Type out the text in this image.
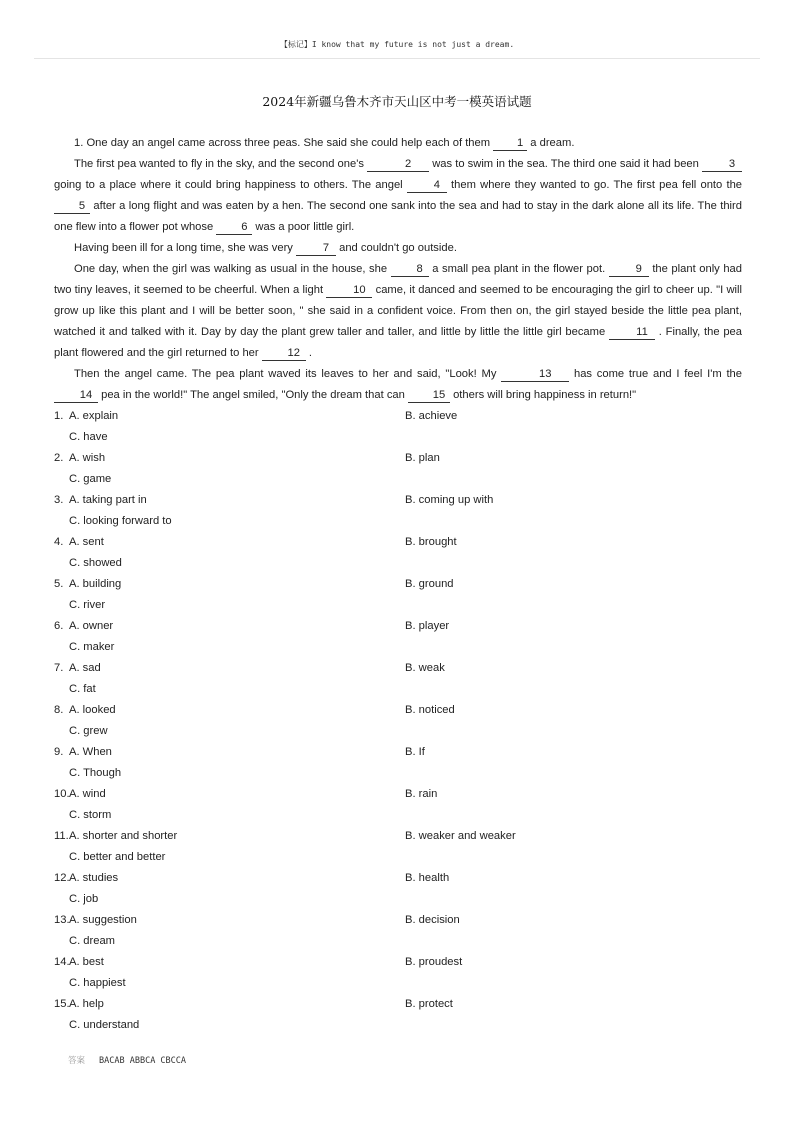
【标记】I know that my future is not just a dream.
2024年新疆乌鲁木齐市天山区中考一模英语试题

1. One day an angel came across three peas. She said she could help each of them 1 a dream.

The first pea wanted to fly in the sky, and the second one's	2 was to swim in the sea. The third one said it had been 3 going to a place where it could bring happiness to others. The angel 4 them where they wanted to go. The first pea fell onto the 5 after a long flight and was eaten by a hen. The second one sank into the sea and had to stay in the dark alone all its life. The third one flew into a flower pot whose 6 was a poor little girl.

Having been ill for a long time, she was very 7 and couldn't go outside.

One day, when the girl was walking as usual in the house, she 8 a small pea plant in the flower pot. 9 the plant only had two tiny leaves, it seemed to be cheerful. When a light 10 came, it danced and seemed to be encouraging the girl to cheer up. "I will grow up like this plant and I will be better soon, " she said in a confident voice. From then on, the girl stayed beside the little pea plant, watched it and talked with it. Day by day the plant grew taller and taller, and little by little the little girl became 11 . Finally, the pea plant flowered and the girl returned to her 12 .

Then the angel came. The pea plant waved its leaves to her and said, "Look! My	13 has come true and I feel I'm the 14 pea in the world!" The angel smiled, "Only the dream that can 15 others will bring happiness in return!"

1. A. explain	B. achieve
C. have
2. A. wish	B. plan
C. game
3. A. taking part in	B. coming up with
C. looking forward to
4. A. sent	B. brought
C. showed
5. A. building	B. ground
C. river
6. A. owner	B. player
C. maker
7. A. sad	B. weak
C. fat
8. A. looked	B. noticed
C. grew
9. A. When	B. If
C. Though
10. A. wind	B. rain
C. storm
11. A. shorter and shorter	B. weaker and weaker
C. better and better
12. A. studies	B. health
C. job
13. A. suggestion	B. decision
C. dream
14. A. best	B. proudest
C. happiest
15. A. help	B. protect
C. understand
答案 BACAB ABBCA CBCCA
